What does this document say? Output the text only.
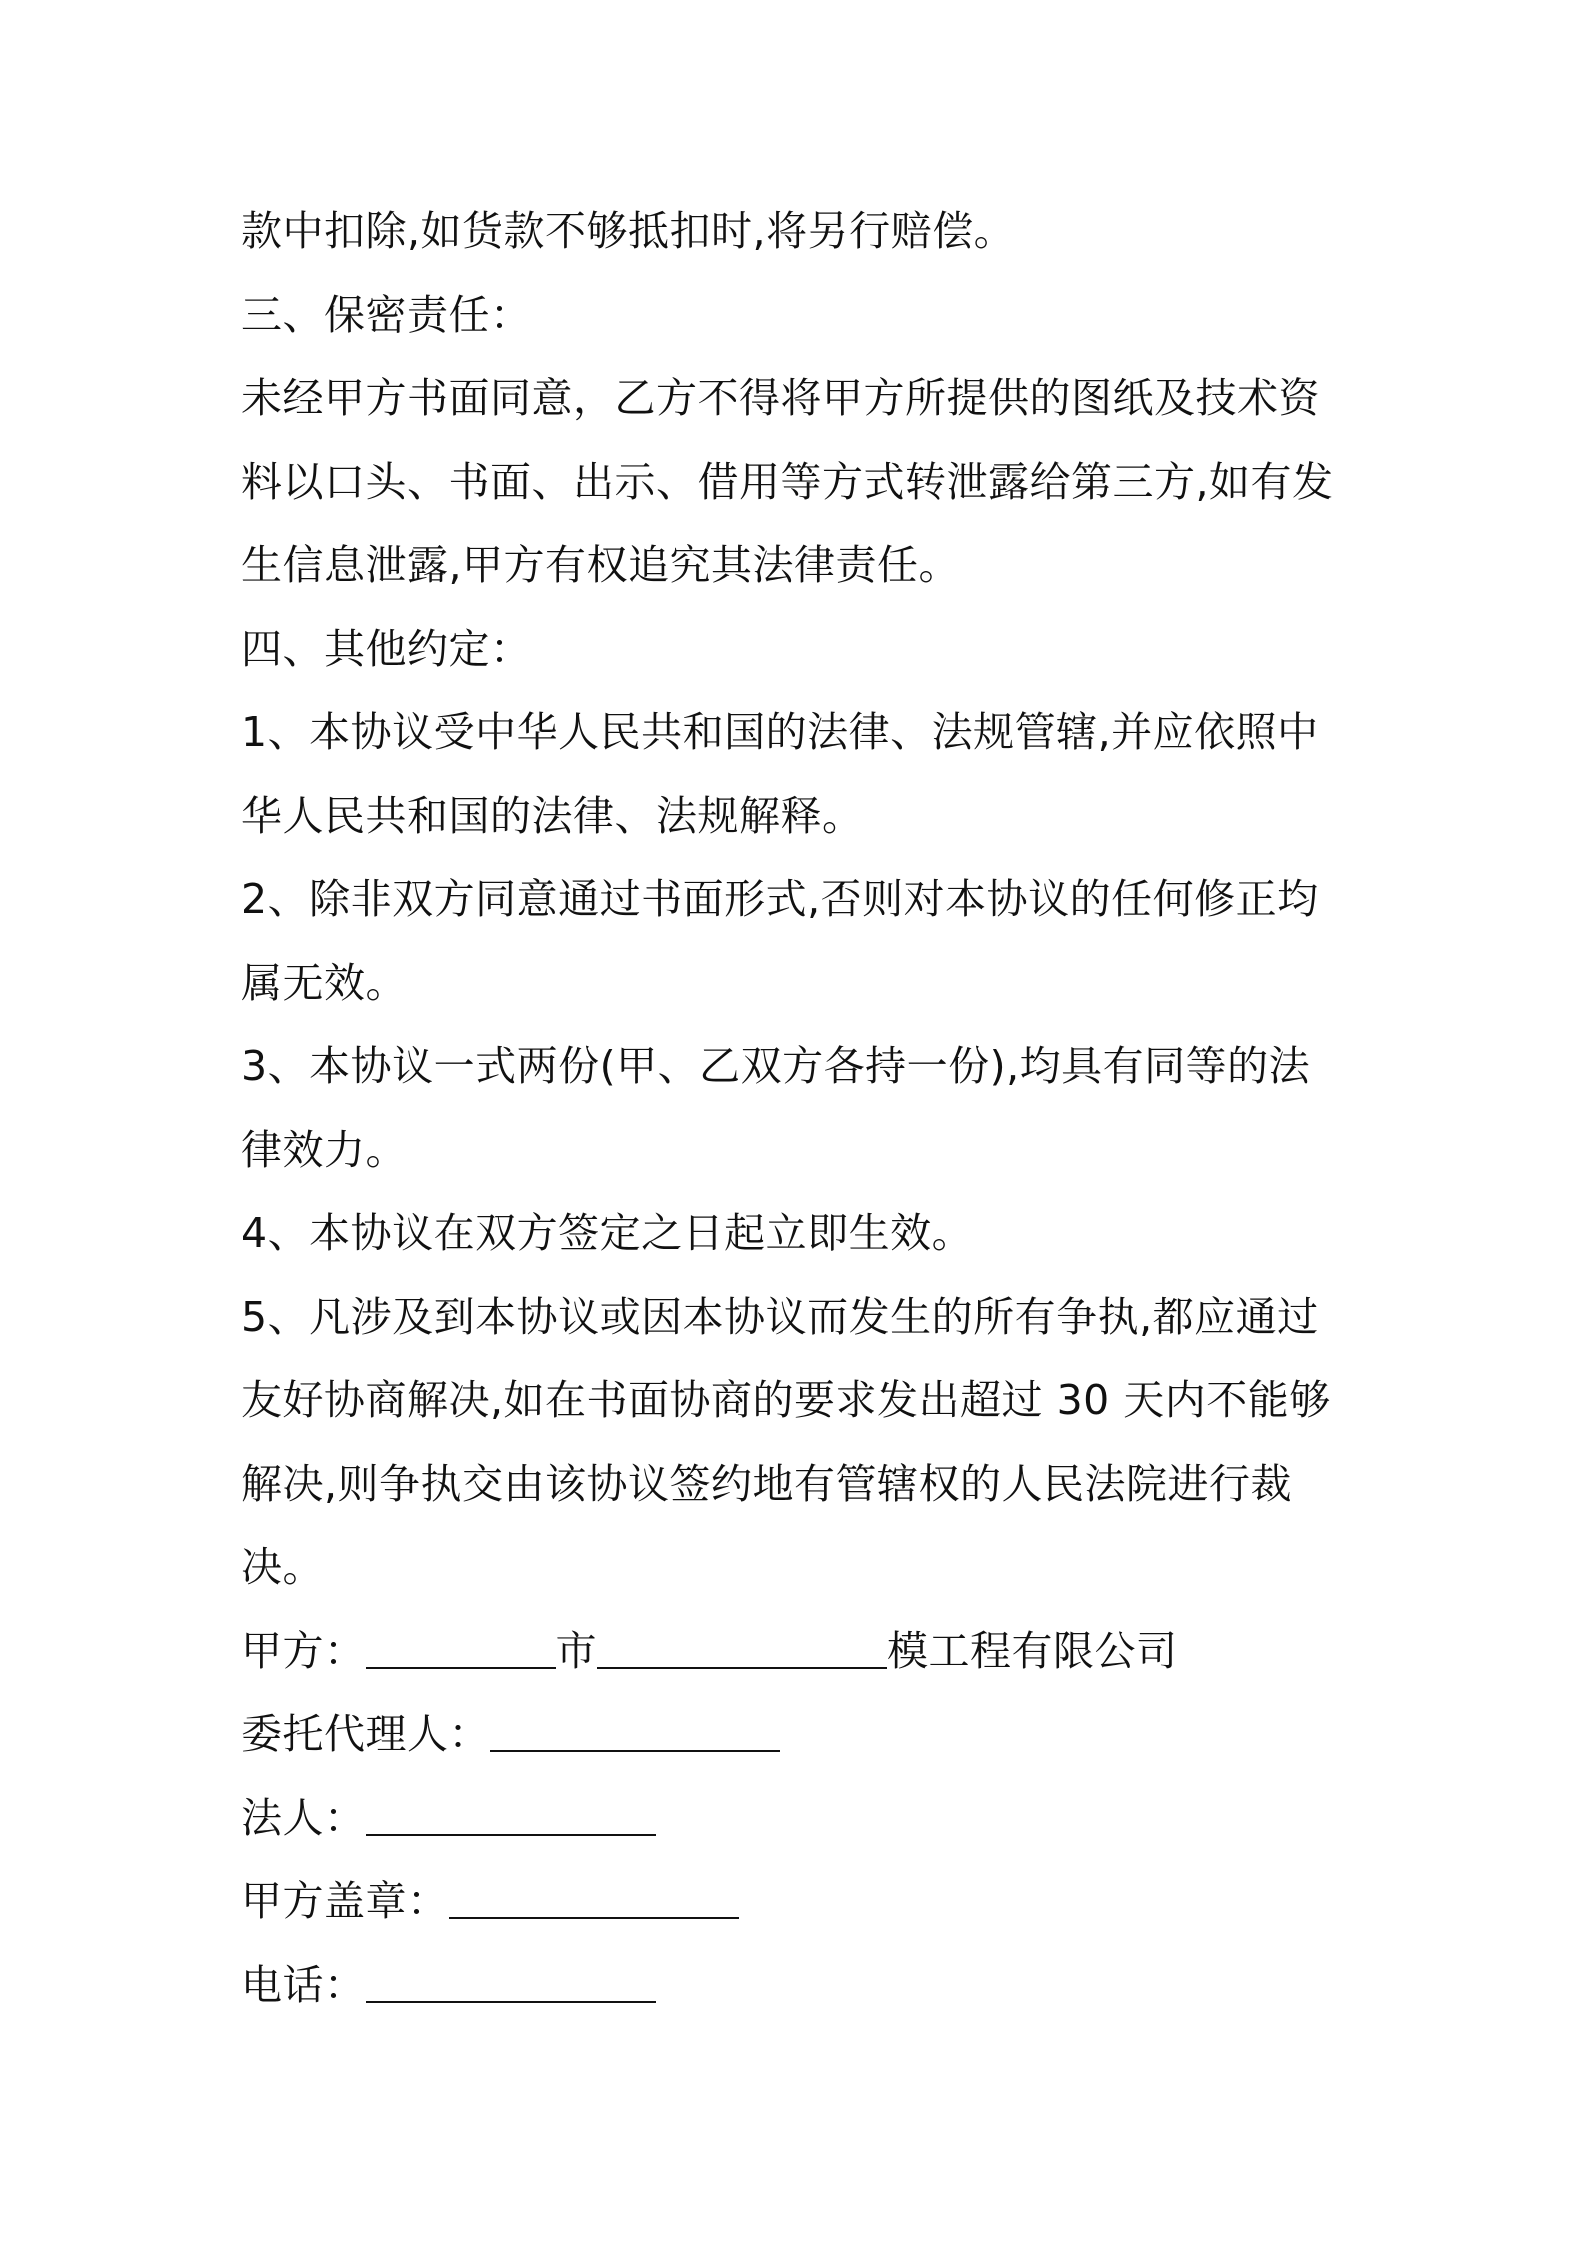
款中扣除,如货款不够抵扣时,将另行赔偿。
三、保密责任：
未经甲方书面同意，乙方不得将甲方所提供的图纸及技术资
料以口头、书面、出示、借用等方式转泄露给第三方,如有发
生信息泄露,甲方有权追究其法律责任。
四、其他约定：
1、本协议受中华人民共和国的法律、法规管辖,并应依照中
华人民共和国的法律、法规解释。
2、除非双方同意通过书面形式,否则对本协议的任何修正均
属无效。
3、本协议一式两份(甲、乙双方各持一份),均具有同等的法
律效力。
4、本协议在双方签定之日起立即生效。
5、凡涉及到本协议或因本协议而发生的所有争执,都应通过
友好协商解决,如在书面协商的要求发出超过 30 天内不能够
解决,则争执交由该协议签约地有管辖权的人民法院进行裁
决。
甲方：	市	模工程有限公司
委托代理人：
法人：
甲方盖章：
电话：
